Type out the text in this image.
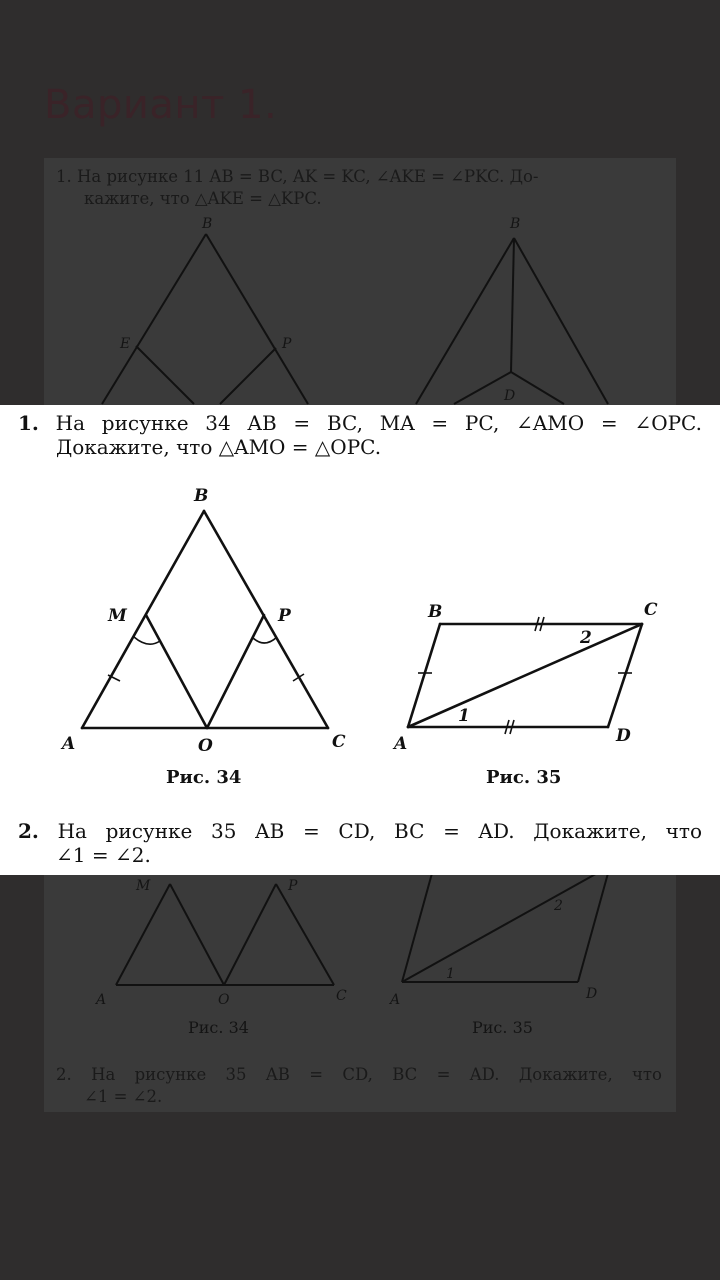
Вариант 1.
1. На рисунке 11 AB = BC, AK = KC, ∠AKE = ∠PKC. До-
кажите, что △AKE = △KPC.
B
E	P
B
D
M	P
A	O	C	A	D
1
2
Рис. 34	Рис. 35
2. На рисунке 35 AB = CD, BC = AD. Докажите, что
∠1 = ∠2.
1. На рисунке 34 AB = BC, MA = PC, ∠AMO = ∠OPC.
Докажите, что △AMO = △OPC.
B
M	P
A	O	C
B	C
A	D
1
2
Рис. 34	Рис. 35
2. На рисунке 35 AB = CD, BC = AD. Докажите, что
∠1 = ∠2.
